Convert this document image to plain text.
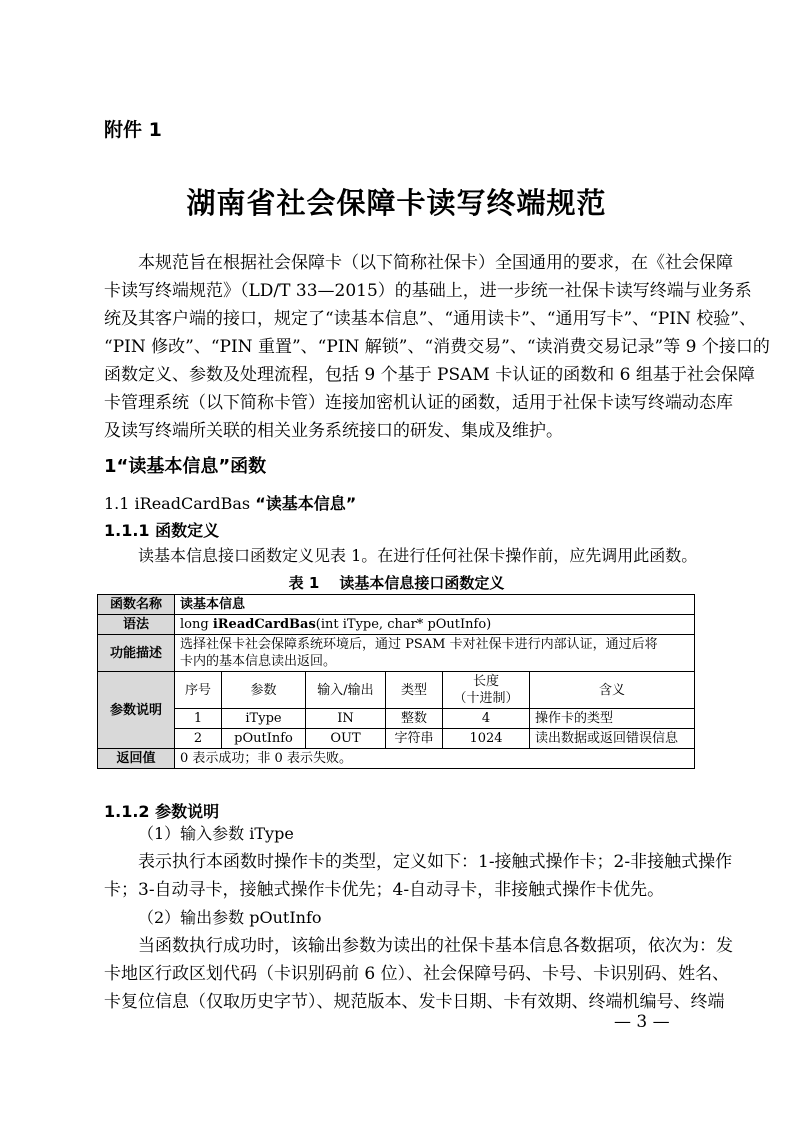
附件 1
湖南省社会保障卡读写终端规范
本规范旨在根据社会保障卡（以下简称社保卡）全国通用的要求，在《社会保障
卡读写终端规范》（LD/T 33—2015）的基础上，进一步统一社保卡读写终端与业务系
统及其客户端的接口，规定了“读基本信息”、“通用读卡”、“通用写卡”、“PIN 校验”、
“PIN 修改”、“PIN 重置”、“PIN 解锁”、“消费交易”、“读消费交易记录”等 9 个接口的
函数定义、参数及处理流程，包括 9 个基于 PSAM 卡认证的函数和 6 组基于社会保障
卡管理系统（以下简称卡管）连接加密机认证的函数，适用于社保卡读写终端动态库
及读写终端所关联的相关业务系统接口的研发、集成及维护。
1“读基本信息”函数
1.1 iReadCardBas “读基本信息”
1.1.1 函数定义
读基本信息接口函数定义见表 1。在进行任何社保卡操作前，应先调用此函数。
表 1 读基本信息接口函数定义
函数名称	读基本信息					
语法	long iReadCardBas(int iType, char* pOutInfo)					
功能描述	选择社保卡社会保障系统环境后，通过 PSAM 卡对社保卡进行内部认证，通过后将
卡内的基本信息读出返回。					

参数说明	序号	参数	输入/输出	类型	长度
（十进制）	含义
	1	iType	IN	整数	4	操作卡的类型
	2	pOutInfo	OUT	字符串	1024	读出数据或返回错误信息
返回值	0 表示成功；非 0 表示失败。					
1.1.2 参数说明
（1）输入参数 iType
表示执行本函数时操作卡的类型，定义如下：1-接触式操作卡；2-非接触式操作
卡；3-自动寻卡，接触式操作卡优先；4-自动寻卡，非接触式操作卡优先。
（2）输出参数 pOutInfo
当函数执行成功时，该输出参数为读出的社保卡基本信息各数据项，依次为：发
卡地区行政区划代码（卡识别码前 6 位）、社会保障号码、卡号、卡识别码、姓名、
卡复位信息（仅取历史字节）、规范版本、发卡日期、卡有效期、终端机编号、终端
— 3 —
